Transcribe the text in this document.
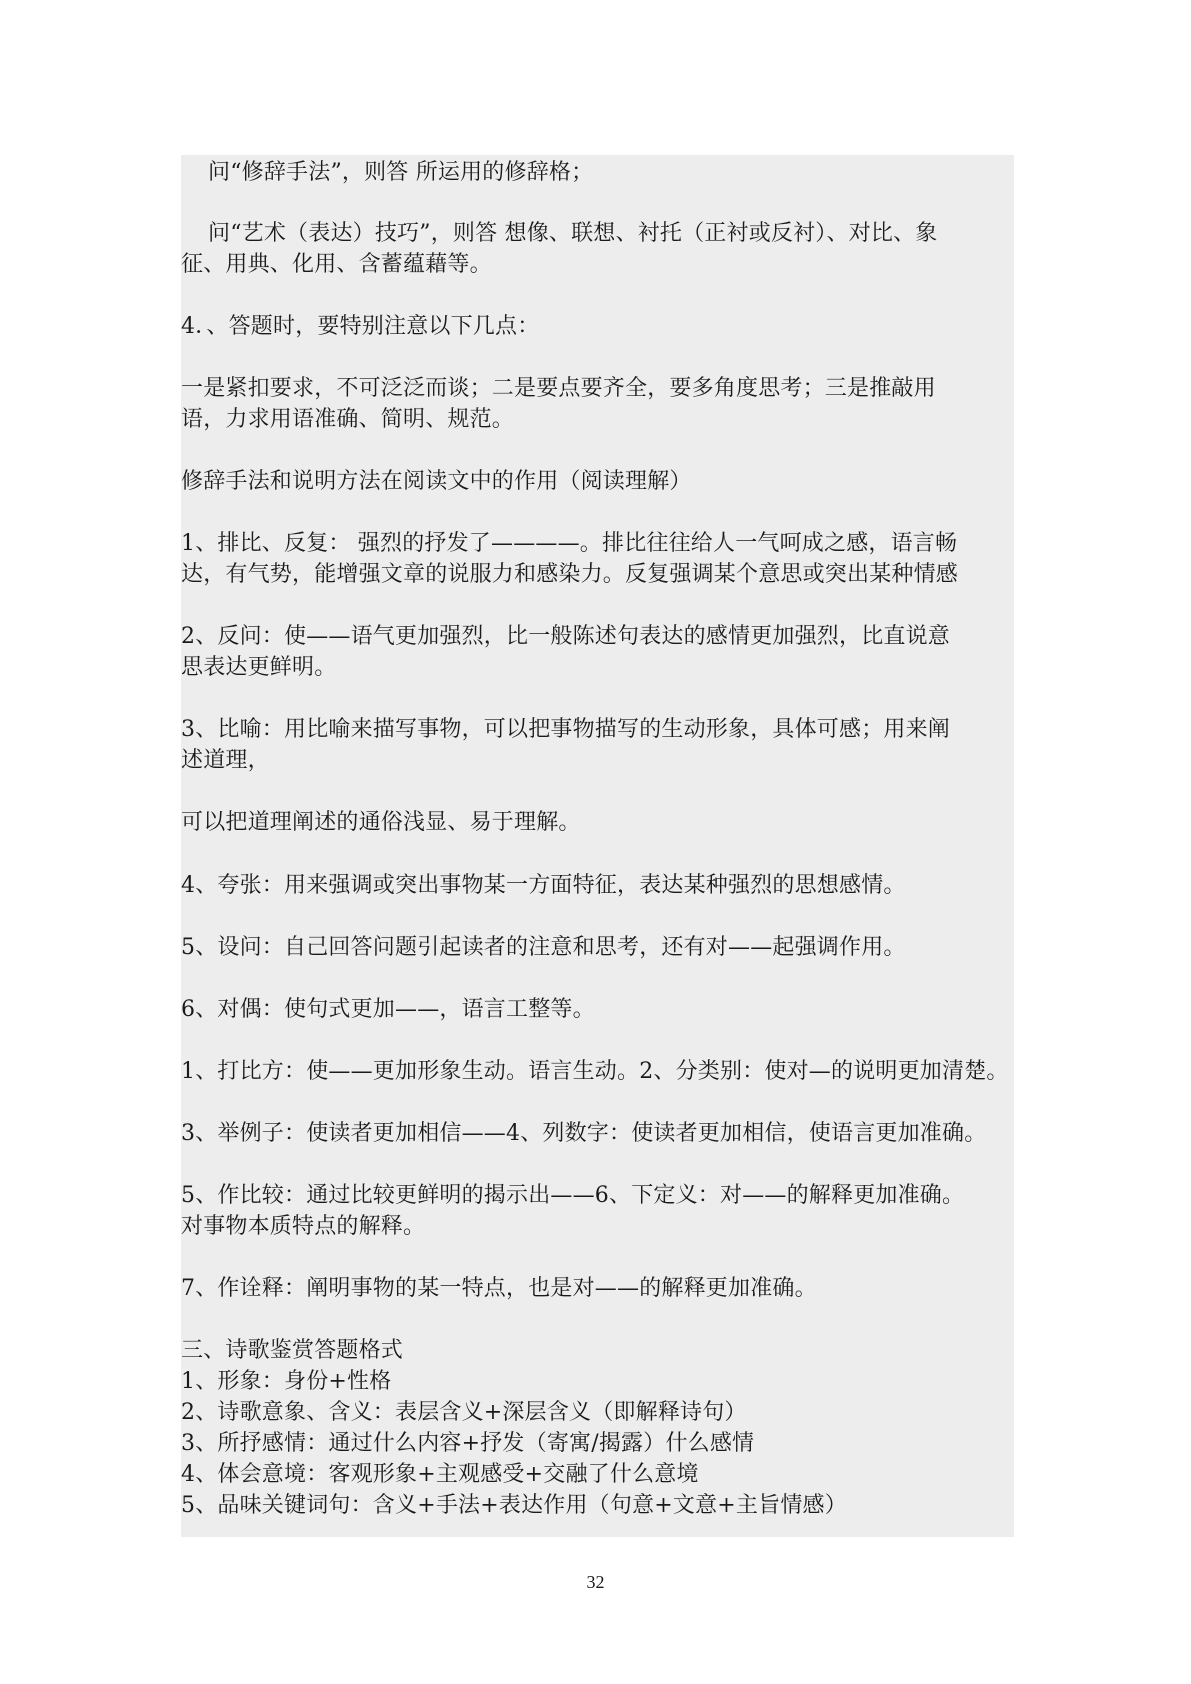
问“修辞手法”，则答 所运用的修辞格；
问“艺术（表达）技巧”，则答 想像、联想、衬托（正衬或反衬）、对比、象
征、用典、化用、含蓄蕴藉等。
4．、答题时，要特别注意以下几点：
一是紧扣要求，不可泛泛而谈；二是要点要齐全，要多角度思考；三是推敲用
语，力求用语准确、简明、规范。
修辞手法和说明方法在阅读文中的作用（阅读理解）
1、排比、反复： 强烈的抒发了————。排比往往给人一气呵成之感，语言畅
达，有气势，能增强文章的说服力和感染力。反复强调某个意思或突出某种情感
2、反问：使——语气更加强烈，比一般陈述句表达的感情更加强烈，比直说意
思表达更鲜明。
3、比喻：用比喻来描写事物，可以把事物描写的生动形象，具体可感；用来阐
述道理，
可以把道理阐述的通俗浅显、易于理解。
4、夸张：用来强调或突出事物某一方面特征，表达某种强烈的思想感情。
5、设问：自己回答问题引起读者的注意和思考，还有对——起强调作用。
6、对偶：使句式更加——，语言工整等。
1、打比方：使——更加形象生动。语言生动。2、分类别：使对—的说明更加清楚。
3、举例子：使读者更加相信——4、列数字：使读者更加相信，使语言更加准确。
5、作比较：通过比较更鲜明的揭示出——6、下定义：对——的解释更加准确。
对事物本质特点的解释。
7、作诠释：阐明事物的某一特点，也是对——的解释更加准确。
三、诗歌鉴赏答题格式
1、形象：身份+性格
2、诗歌意象、含义：表层含义+深层含义（即解释诗句）
3、所抒感情：通过什么内容+抒发（寄寓/揭露）什么感情
4、体会意境：客观形象+主观感受+交融了什么意境
5、品味关键词句：含义+手法+表达作用（句意+文意+主旨情感）
32
